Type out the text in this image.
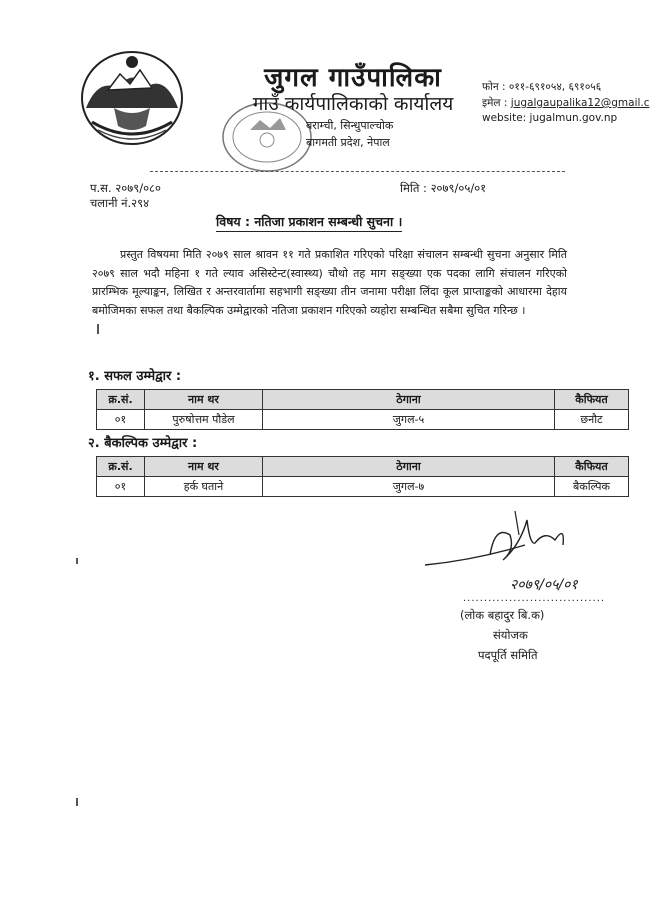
जुगल गाउँपालिका
गाउँ कार्यपालिकाको कार्यालय
बराम्ची, सिन्धुपाल्चोक
बागमती प्रदेश, नेपाल
फोन : ०११-६९१०५४, ६९१०५६
इमेल : jugalgaupalika12@gmail.c
website: jugalmun.gov.np
प.स. २०७९/०८०
चलानी नं.२९४
मिति : २०७९/०५/०१
विषय : नतिजा प्रकाशन सम्बन्धी सुचना ।
प्रस्तुत विषयमा मिति २०७९ साल श्रावन ११ गते प्रकाशित गरिएको परिक्षा संचालन सम्बन्धी सुचना अनुसार मिति २०७९ साल भदौ महिना १ गते ल्याव असिस्टेन्ट(स्वास्थ्य) चौथो तह माग सङ्ख्या एक पदका लागि संचालन गरिएको प्रारम्भिक मूल्याङ्कन, लिखित र अन्तरवार्तामा सहभागी सङ्ख्या तीन जनामा परीक्षा लिंदा कूल प्राप्ताङ्कको आधारमा देहाय बमोजिमका सफल तथा बैकल्पिक उम्मेद्वारको नतिजा प्रकाशन गरिएको व्यहोरा सम्बन्धित सबैमा सुचित गरिन्छ ।
१. सफल उम्मेद्वार :
क्र.सं.	नाम थर	ठेगाना	कैफियत
०१	पुरुषोत्तम पौडेल	जुगल-५	छनौट
२. बैकल्पिक उम्मेद्वार :
क्र.सं.	नाम थर	ठेगाना	कैफियत
०१	हर्क घताने	जुगल-७	बैकल्पिक
२०७९/०५/०१
..................................
(लोक बहादुर बि.क)
संयोजक
पदपूर्ति समिति
